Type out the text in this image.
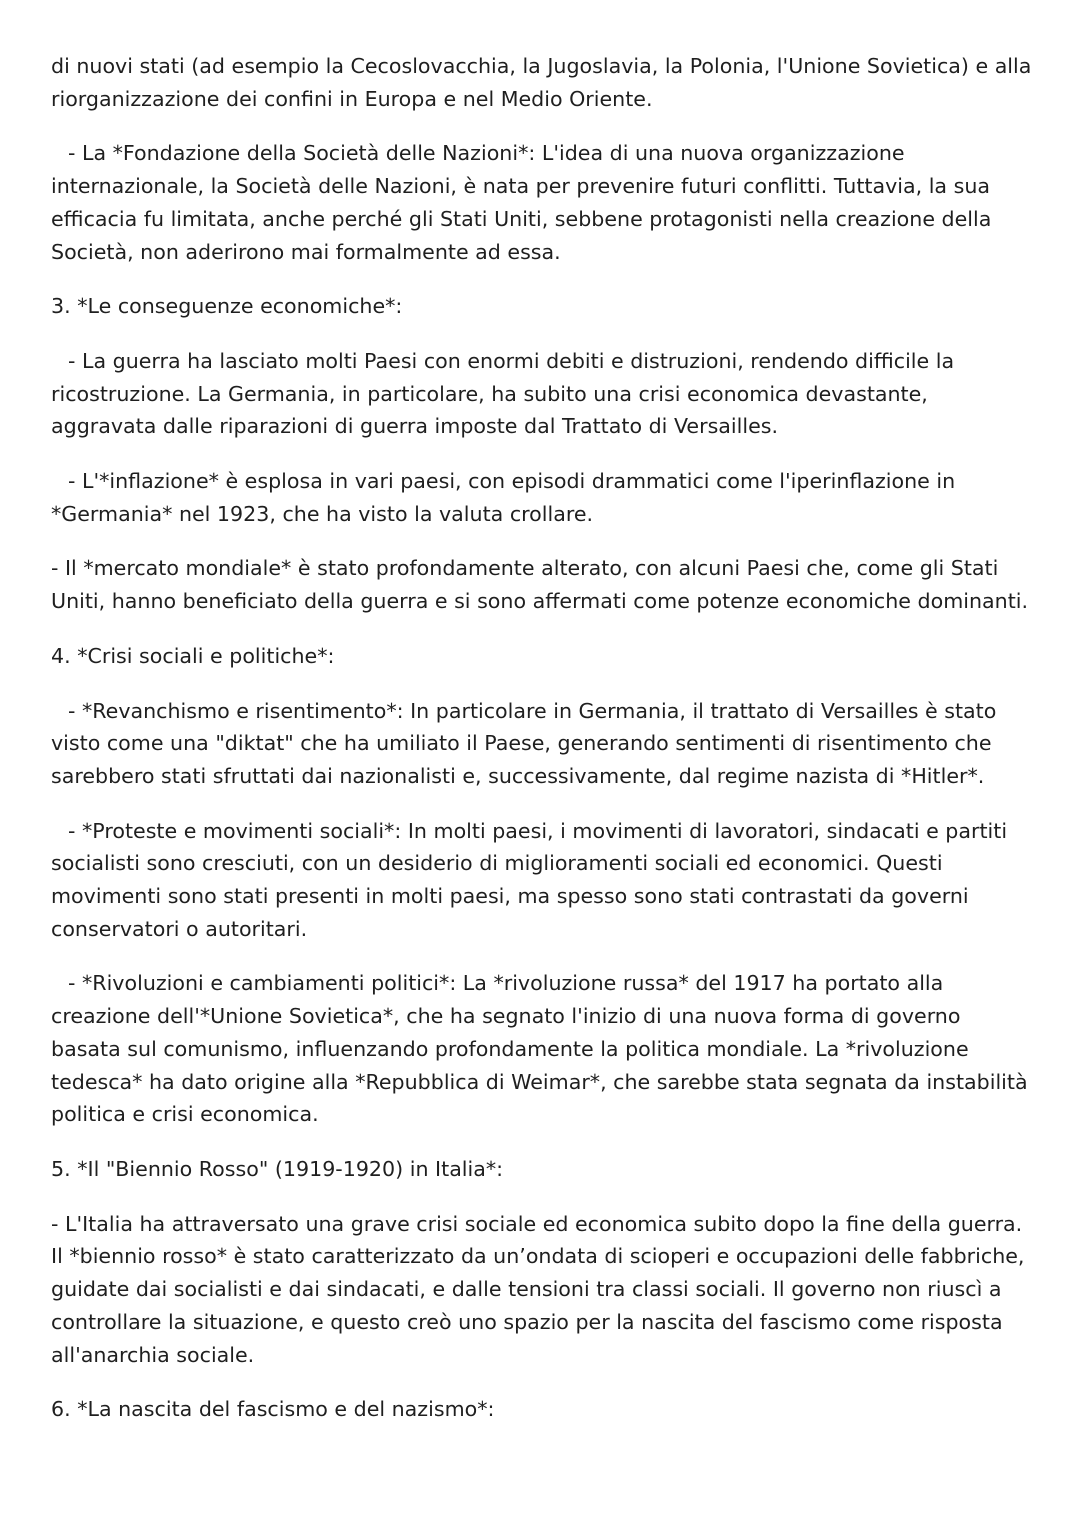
di nuovi stati (ad esempio la Cecoslovacchia, la Jugoslavia, la Polonia, l'Unione Sovietica) e alla riorganizzazione dei confini in Europa e nel Medio Oriente.

- La *Fondazione della Società delle Nazioni*: L'idea di una nuova organizzazione internazionale, la Società delle Nazioni, è nata per prevenire futuri conflitti. Tuttavia, la sua efficacia fu limitata, anche perché gli Stati Uniti, sebbene protagonisti nella creazione della Società, non aderirono mai formalmente ad essa.

3. *Le conseguenze economiche*:

- La guerra ha lasciato molti Paesi con enormi debiti e distruzioni, rendendo difficile la ricostruzione. La Germania, in particolare, ha subito una crisi economica devastante, aggravata dalle riparazioni di guerra imposte dal Trattato di Versailles.

- L'*inflazione* è esplosa in vari paesi, con episodi drammatici come l'iperinflazione in *Germania* nel 1923, che ha visto la valuta crollare.

- Il *mercato mondiale* è stato profondamente alterato, con alcuni Paesi che, come gli Stati Uniti, hanno beneficiato della guerra e si sono affermati come potenze economiche dominanti.

4. *Crisi sociali e politiche*:

- *Revanchismo e risentimento*: In particolare in Germania, il trattato di Versailles è stato visto come una "diktat" che ha umiliato il Paese, generando sentimenti di risentimento che sarebbero stati sfruttati dai nazionalisti e, successivamente, dal regime nazista di *Hitler*.

- *Proteste e movimenti sociali*: In molti paesi, i movimenti di lavoratori, sindacati e partiti socialisti sono cresciuti, con un desiderio di miglioramenti sociali ed economici. Questi movimenti sono stati presenti in molti paesi, ma spesso sono stati contrastati da governi conservatori o autoritari.

- *Rivoluzioni e cambiamenti politici*: La *rivoluzione russa* del 1917 ha portato alla creazione dell'*Unione Sovietica*, che ha segnato l'inizio di una nuova forma di governo basata sul comunismo, influenzando profondamente la politica mondiale. La *rivoluzione tedesca* ha dato origine alla *Repubblica di Weimar*, che sarebbe stata segnata da instabilità politica e crisi economica.

5. *Il "Biennio Rosso" (1919-1920) in Italia*:

- L'Italia ha attraversato una grave crisi sociale ed economica subito dopo la fine della guerra. Il *biennio rosso* è stato caratterizzato da un’ondata di scioperi e occupazioni delle fabbriche, guidate dai socialisti e dai sindacati, e dalle tensioni tra classi sociali. Il governo non riuscì a controllare la situazione, e questo creò uno spazio per la nascita del fascismo come risposta all'anarchia sociale.

6. *La nascita del fascismo e del nazismo*:
